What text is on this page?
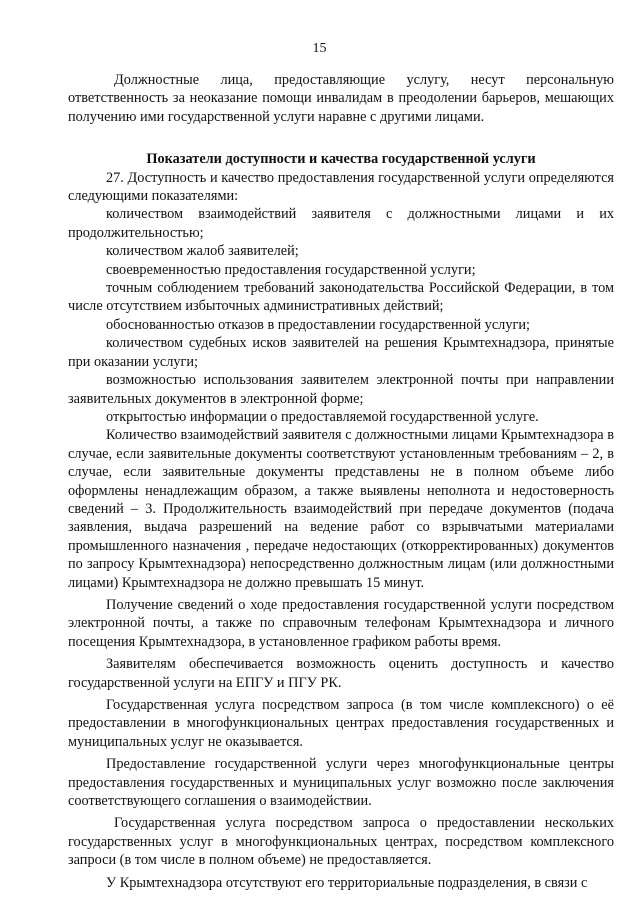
15

Должностные лица, предоставляющие услугу, несут персональную ответственность за неоказание помощи инвалидам в преодолении барьеров, мешающих получению ими государственной услуги наравне с другими лицами.

Показатели доступности и качества государственной услуги

27. Доступность и качество предоставления государственной услуги определяются следующими показателями:

количеством взаимодействий заявителя с должностными лицами и их продолжительностью;

количеством жалоб заявителей;

своевременностью предоставления государственной услуги;

точным соблюдением требований законодательства Российской Федерации, в том числе отсутствием избыточных административных действий;

обоснованностью отказов в предоставлении государственной услуги;

количеством судебных исков заявителей на решения Крымтехнадзора, принятые при оказании услуги;

возможностью использования заявителем электронной почты при направлении заявительных документов в электронной форме;

открытостью информации о предоставляемой государственной услуге.

Количество взаимодействий заявителя с должностными лицами Крымтехнадзора в случае, если заявительные документы соответствуют установленным требованиям – 2, в случае, если заявительные документы представлены не в полном объеме либо оформлены ненадлежащим образом, а также выявлены неполнота и недостоверность сведений – 3. Продолжительность взаимодействий при передаче документов (подача заявления, выдача разрешений на ведение работ со взрывчатыми материалами промышленного назначения , передаче недостающих (откорректированных) документов по запросу Крымтехнадзора) непосредственно должностным лицам (или должностными лицами) Крымтехнадзора не должно превышать 15 минут.

Получение сведений о ходе предоставления государственной услуги посредством электронной почты, а также по справочным телефонам Крымтехнадзора и личного посещения Крымтехнадзора, в установленное графиком работы время.

Заявителям обеспечивается возможность оценить доступность и качество государственной услуги на ЕПГУ и ПГУ РК.

Государственная услуга посредством запроса (в том числе комплексного) о её предоставлении в многофункциональных центрах предоставления государственных и муниципальных услуг не оказывается.

Предоставление государственной услуги через многофункциональные центры предоставления государственных и муниципальных услуг возможно после заключения соответствующего соглашения о взаимодействии.

Государственная услуга посредством запроса о предоставлении нескольких государственных услуг в многофункциональных центрах, посредством комплексного запроси (в том числе в полном объеме) не предоставляется.

У Крымтехнадзора отсутствуют его территориальные подразделения, в связи с
